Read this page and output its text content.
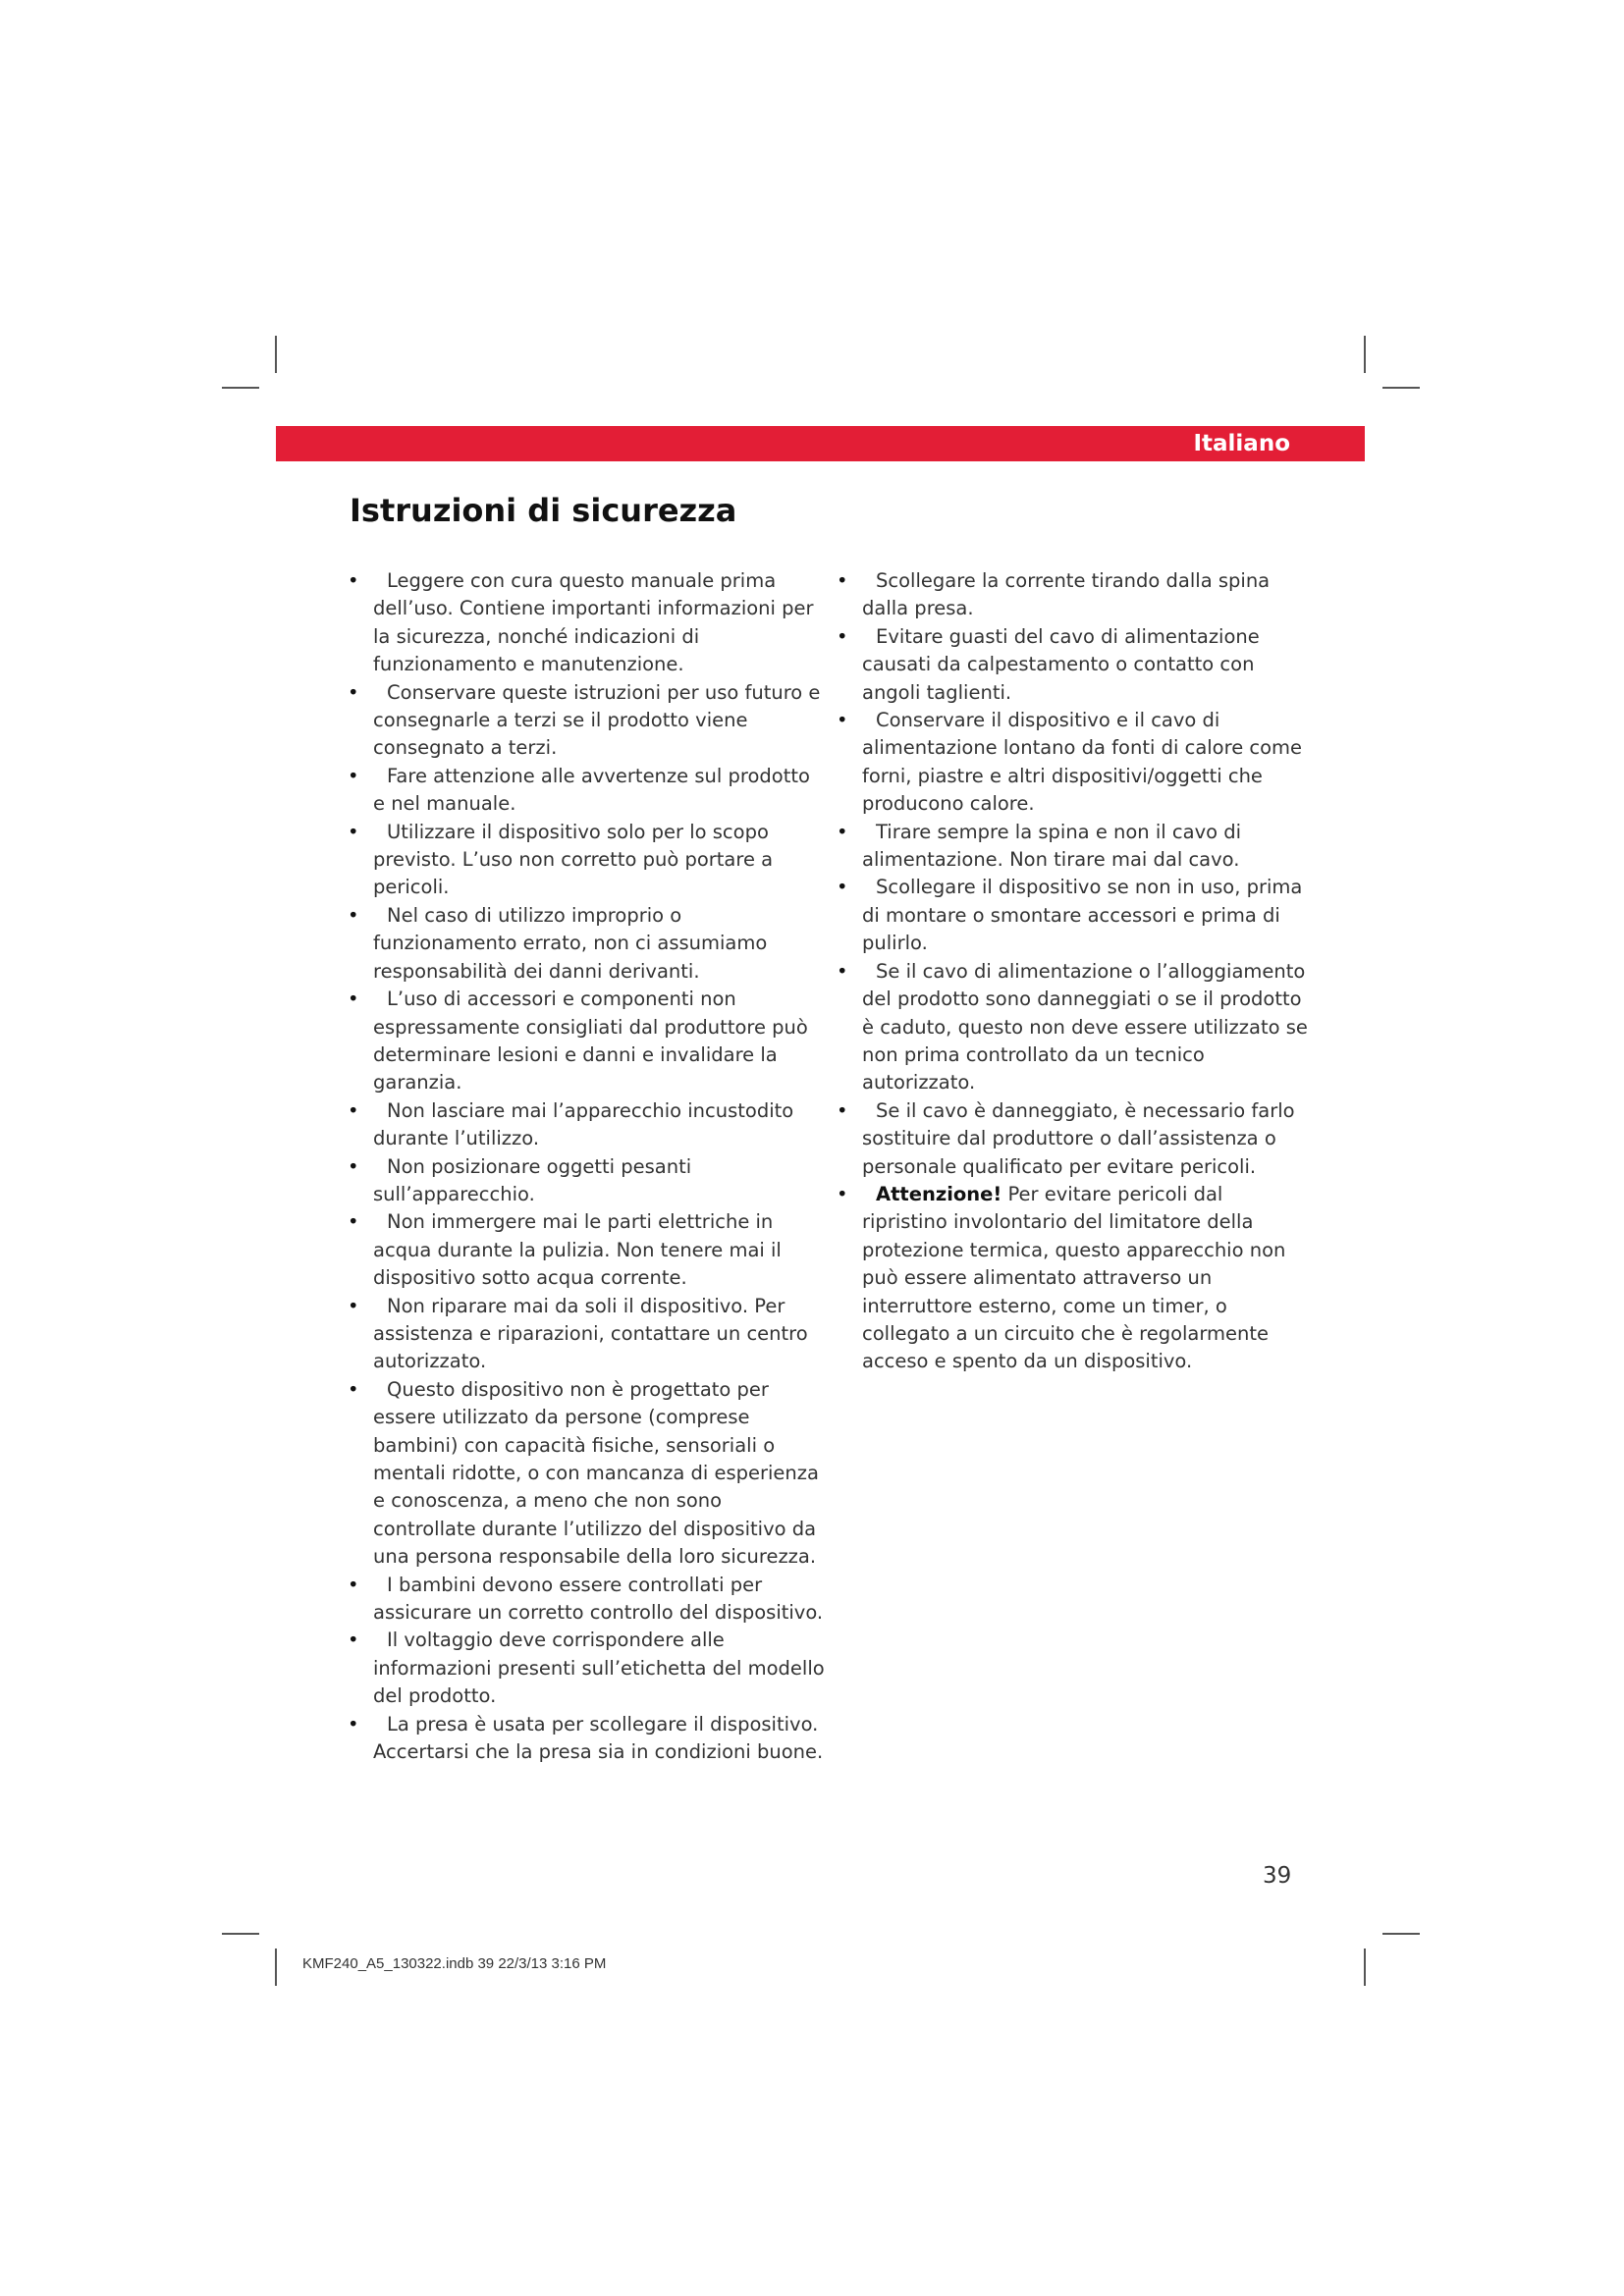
Italiano
Istruzioni di sicurezza
• Leggere con cura questo manuale prima dell’uso. Contiene importanti informazioni per la sicurezza, nonché indicazioni di funzionamento e manutenzione.
• Conservare queste istruzioni per uso futuro e consegnarle a terzi se il prodotto viene consegnato a terzi.
• Fare attenzione alle avvertenze sul prodotto e nel manuale.
• Utilizzare il dispositivo solo per lo scopo previsto. L’uso non corretto può portare a pericoli.
• Nel caso di utilizzo improprio o funzionamento errato, non ci assumiamo responsabilità dei danni derivanti.
• L’uso di accessori e componenti non espressamente consigliati dal produttore può determinare lesioni e danni e invalidare la garanzia.
• Non lasciare mai l’apparecchio incustodito durante l’utilizzo.
• Non posizionare oggetti pesanti sull’apparecchio.
• Non immergere mai le parti elettriche in acqua durante la pulizia. Non tenere mai il dispositivo sotto acqua corrente.
• Non riparare mai da soli il dispositivo. Per assistenza e riparazioni, contattare un centro autorizzato.
• Questo dispositivo non è progettato per essere utilizzato da persone (comprese bambini) con capacità fisiche, sensoriali o mentali ridotte, o con mancanza di esperienza e conoscenza, a meno che non sono controllate durante l’utilizzo del dispositivo da una persona responsabile della loro sicurezza.
• I bambini devono essere controllati per assicurare un corretto controllo del dispositivo.
• Il voltaggio deve corrispondere alle informazioni presenti sull’etichetta del modello del prodotto.
• La presa è usata per scollegare il dispositivo. Accertarsi che la presa sia in condizioni buone.
• Scollegare la corrente tirando dalla spina dalla presa.
• Evitare guasti del cavo di alimentazione causati da calpestamento o contatto con angoli taglienti.
• Conservare il dispositivo e il cavo di alimentazione lontano da fonti di calore come forni, piastre e altri dispositivi/oggetti che producono calore.
• Tirare sempre la spina e non il cavo di alimentazione. Non tirare mai dal cavo.
• Scollegare il dispositivo se non in uso, prima di montare o smontare accessori e prima di pulirlo.
• Se il cavo di alimentazione o l’alloggiamento del prodotto sono danneggiati o se il prodotto è caduto, questo non deve essere utilizzato se non prima controllato da un tecnico autorizzato.
• Se il cavo è danneggiato, è necessario farlo sostituire dal produttore o dall’assistenza o personale qualificato per evitare pericoli.
• Attenzione! Per evitare pericoli dal ripristino involontario del limitatore della protezione termica, questo apparecchio non può essere alimentato attraverso un interruttore esterno, come un timer, o collegato a un circuito che è regolarmente acceso e spento da un dispositivo.
39
KMF240_A5_130322.indb 39 22/3/13 3:16 PM
